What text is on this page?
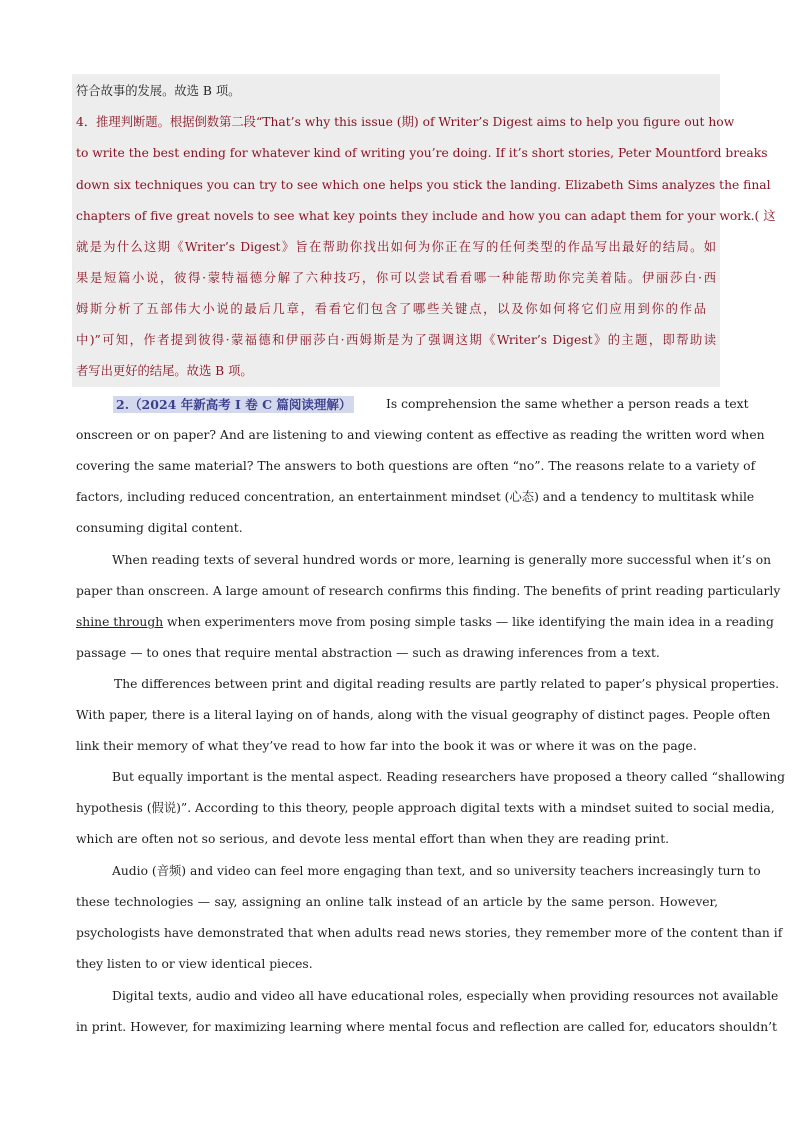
符合故事的发展。故选 B 项。
4．推理判断题。根据倒数第二段“That’s why this issue (期) of Writer’s Digest aims to help you figure out how
to write the best ending for whatever kind of writing you’re doing. If it’s short stories, Peter Mountford breaks
down six techniques you can try to see which one helps you stick the landing. Elizabeth Sims analyzes the final
chapters of five great novels to see what key points they include and how you can adapt them for your work.( 这
就是为什么这期《Writer’s Digest》旨在帮助你找出如何为你正在写的任何类型的作品写出最好的结局。如
果是短篇小说，彼得·蒙特福德分解了六种技巧，你可以尝试看看哪一种能帮助你完美着陆。伊丽莎白·西
姆斯分析了五部伟大小说的最后几章，看看它们包含了哪些关键点，以及你如何将它们应用到你的作品
中)”可知，作者提到彼得·蒙福德和伊丽莎白·西姆斯是为了强调这期《Writer’s Digest》的主题，即帮助读
者写出更好的结尾。故选 B 项。
2.（2024 年新高考 I 卷 C 篇阅读理解）	Is comprehension the same whether a person reads a text
onscreen or on paper? And are listening to and viewing content as effective as reading the written word when
covering the same material? The answers to both questions are often “no”. The reasons relate to a variety of
factors, including reduced concentration, an entertainment mindset (心态) and a tendency to multitask while
consuming digital content.
When reading texts of several hundred words or more, learning is generally more successful when it’s on
paper than onscreen. A large amount of research confirms this finding. The benefits of print reading particularly
shine through when experimenters move from posing simple tasks — like identifying the main idea in a reading
passage — to ones that require mental abstraction — such as drawing inferences from a text.
The differences between print and digital reading results are partly related to paper’s physical properties.
With paper, there is a literal laying on of hands, along with the visual geography of distinct pages. People often
link their memory of what they’ve read to how far into the book it was or where it was on the page.
But equally important is the mental aspect. Reading researchers have proposed a theory called “shallowing
hypothesis (假说)”. According to this theory, people approach digital texts with a mindset suited to social media,
which are often not so serious, and devote less mental effort than when they are reading print.
Audio (音频) and video can feel more engaging than text, and so university teachers increasingly turn to
these technologies — say, assigning an online talk instead of an article by the same person. However,
psychologists have demonstrated that when adults read news stories, they remember more of the content than if
they listen to or view identical pieces.
Digital texts, audio and video all have educational roles, especially when providing resources not available
in print. However, for maximizing learning where mental focus and reflection are called for, educators shouldn’t
